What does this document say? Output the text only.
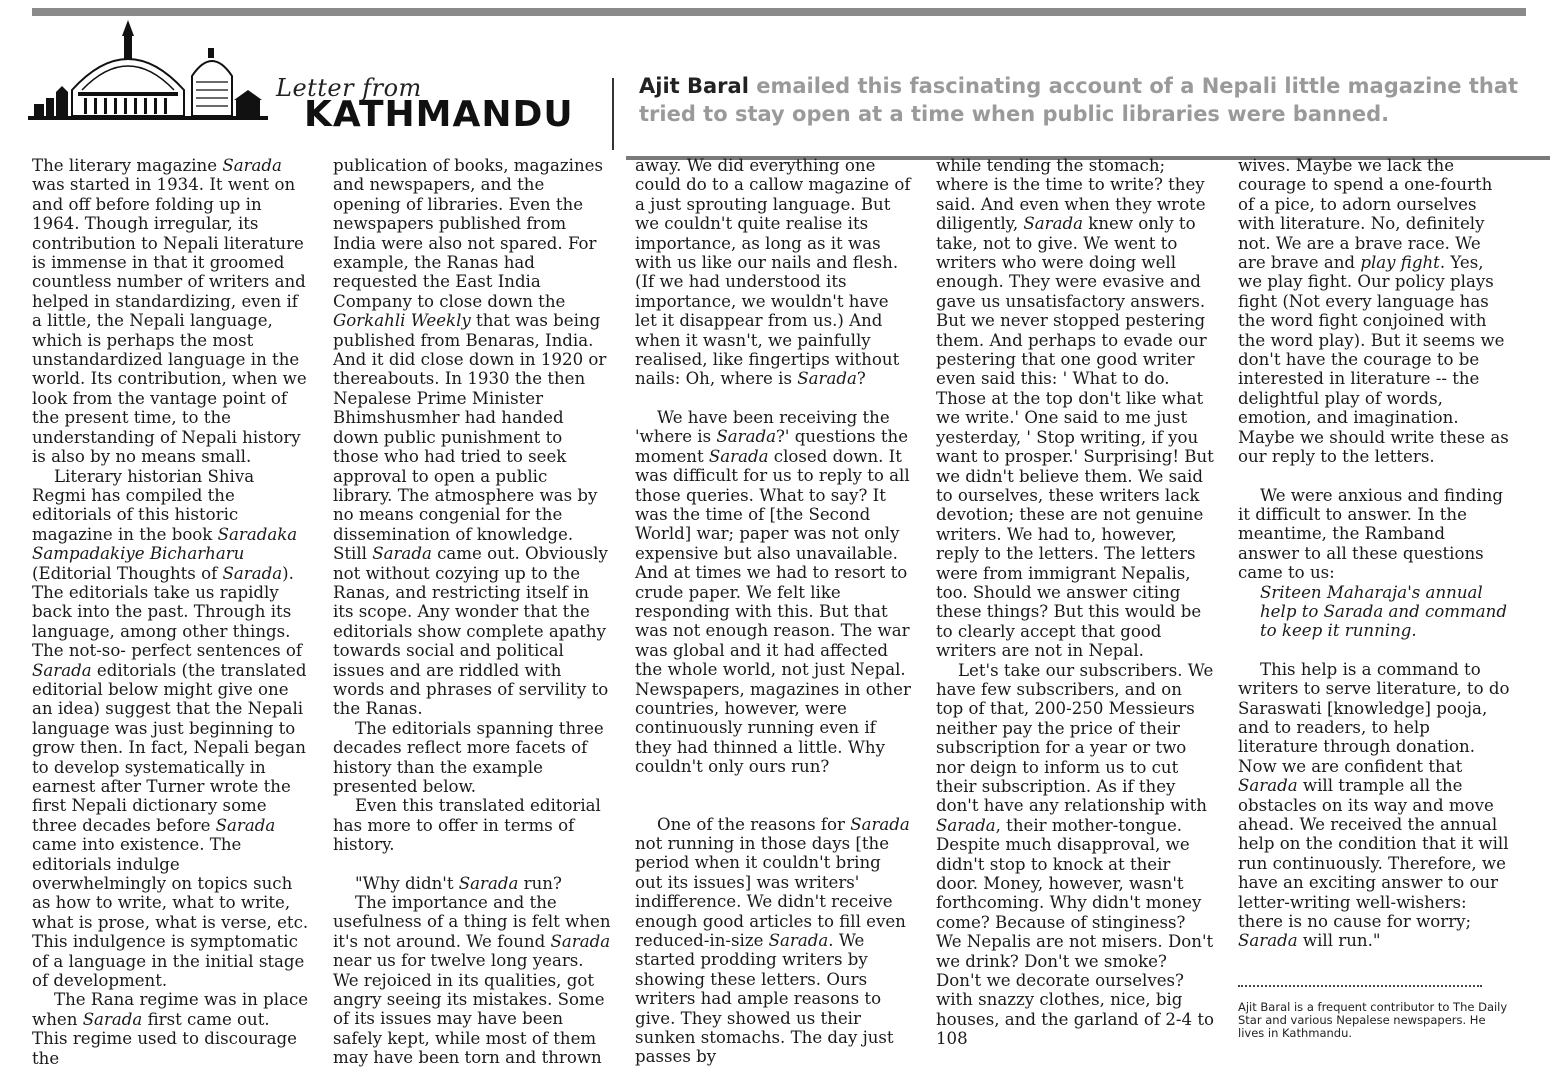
Letter from
KATHMANDU
Ajit Baral emailed this fascinating account of a Nepali little magazine that tried to stay open at a time when public libraries were banned.

The literary magazine Sarada was started in 1934. It went on and off before folding up in 1964. Though irregular, its contribution to Nepali literature is immense in that it groomed countless number of writers and helped in standardizing, even if a little, the Nepali language, which is perhaps the most unstandardized language in the world. Its contribution, when we look from the vantage point of the present time, to the understanding of Nepali history is also by no means small.

Literary historian Shiva Regmi has compiled the editorials of this historic magazine in the book Saradaka Sampadakiye Bicharharu (Editorial Thoughts of Sarada). The editorials take us rapidly back into the past. Through its language, among other things. The not-so- perfect sentences of Sarada editorials (the translated editorial below might give one an idea) suggest that the Nepali language was just beginning to grow then. In fact, Nepali began to develop systematically in earnest after Turner wrote the first Nepali dictionary some three decades before Sarada came into existence. The editorials indulge overwhelmingly on topics such as how to write, what to write, what is prose, what is verse, etc. This indulgence is symptomatic of a language in the initial stage of development.

The Rana regime was in place when Sarada first came out. This regime used to discourage the

publication of books, magazines and newspapers, and the opening of libraries. Even the newspapers published from India were also not spared. For example, the Ranas had requested the East India Company to close down the Gorkahli Weekly that was being published from Benaras, India. And it did close down in 1920 or thereabouts. In 1930 the then Nepalese Prime Minister Bhimshusmher had handed down public punishment to those who had tried to seek approval to open a public library. The atmosphere was by no means congenial for the dissemination of knowledge. Still Sarada came out. Obviously not without cozying up to the Ranas, and restricting itself in its scope. Any wonder that the editorials show complete apathy towards social and political issues and are riddled with words and phrases of servility to the Ranas.

The editorials spanning three decades reflect more facets of history than the example presented below.

Even this translated editorial has more to offer in terms of history.

"Why didn't Sarada run?

The importance and the usefulness of a thing is felt when it's not around. We found Sarada near us for twelve long years. We rejoiced in its qualities, got angry seeing its mistakes. Some of its issues may have been safely kept, while most of them may have been torn and thrown

away. We did everything one could do to a callow magazine of a just sprouting language. But we couldn't quite realise its importance, as long as it was with us like our nails and flesh. (If we had understood its importance, we wouldn't have let it disappear from us.) And when it wasn't, we painfully realised, like fingertips without nails: Oh, where is Sarada?

We have been receiving the 'where is Sarada?' questions the moment Sarada closed down. It was difficult for us to reply to all those queries. What to say? It was the time of [the Second World] war; paper was not only expensive but also unavailable. And at times we had to resort to crude paper. We felt like responding with this. But that was not enough reason. The war was global and it had affected the whole world, not just Nepal. Newspapers, magazines in other countries, however, were continuously running even if they had thinned a little. Why couldn't only ours run?

One of the reasons for Sarada not running in those days [the period when it couldn't bring out its issues] was writers' indifference. We didn't receive enough good articles to fill even reduced-in-size Sarada. We started prodding writers by showing these letters. Ours writers had ample reasons to give. They showed us their sunken stomachs. The day just passes by

while tending the stomach; where is the time to write? they said. And even when they wrote diligently, Sarada knew only to take, not to give. We went to writers who were doing well enough. They were evasive and gave us unsatisfactory answers. But we never stopped pestering them. And perhaps to evade our pestering that one good writer even said this: ' What to do. Those at the top don't like what we write.' One said to me just yesterday, ' Stop writing, if you want to prosper.' Surprising! But we didn't believe them. We said to ourselves, these writers lack devotion; these are not genuine writers. We had to, however, reply to the letters. The letters were from immigrant Nepalis, too. Should we answer citing these things? But this would be to clearly accept that good writers are not in Nepal.

Let's take our subscribers. We have few subscribers, and on top of that, 200-250 Messieurs neither pay the price of their subscription for a year or two nor deign to inform us to cut their subscription. As if they don't have any relationship with Sarada, their mother-tongue. Despite much disapproval, we didn't stop to knock at their door. Money, however, wasn't forthcoming. Why didn't money come? Because of stinginess? We Nepalis are not misers. Don't we drink? Don't we smoke? Don't we decorate ourselves? with snazzy clothes, nice, big houses, and the garland of 2-4 to 108

wives. Maybe we lack the courage to spend a one-fourth of a pice, to adorn ourselves with literature. No, definitely not. We are a brave race. We are brave and play fight. Yes, we play fight. Our policy plays fight (Not every language has the word fight conjoined with the word play). But it seems we don't have the courage to be interested in literature -- the delightful play of words, emotion, and imagination. Maybe we should write these as our reply to the letters.

We were anxious and finding it difficult to answer. In the meantime, the Ramband answer to all these questions came to us:

Sriteen Maharaja's annual help to Sarada and command to keep it running.

This help is a command to writers to serve literature, to do Saraswati [knowledge] pooja, and to readers, to help literature through donation. Now we are confident that Sarada will trample all the obstacles on its way and move ahead. We received the annual help on the condition that it will run continuously. Therefore, we have an exciting answer to our letter-writing well-wishers: there is no cause for worry; Sarada will run."

Ajit Baral is a frequent contributor to The Daily Star and various Nepalese newspapers. He lives in Kathmandu.
